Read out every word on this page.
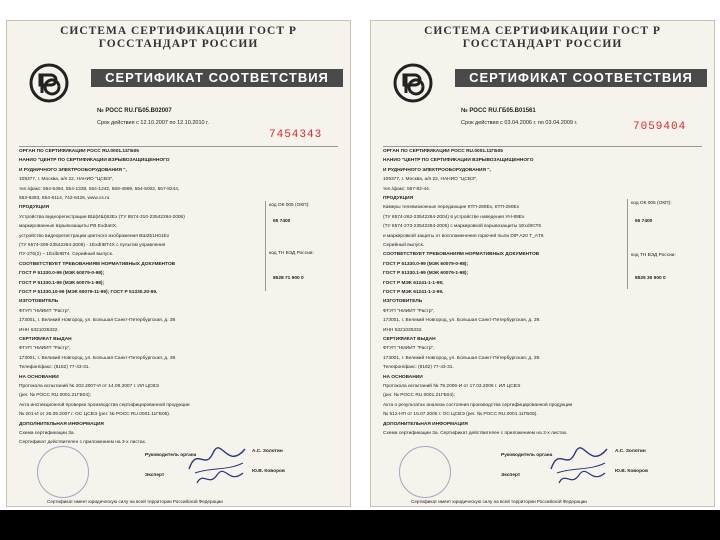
СИСТЕМА СЕРТИФИКАЦИИ ГОСТ Р
ГОССТАНДАРТ РОССИИ
СЕРТИФИКАТ СООТВЕТСТВИЯ
№ РОСС RU.ГБ05.В02007
Срок действия с 12.10.2007 по 12.10.2010 г.
7454343
ОРГАН ПО СЕРТИФИКАЦИИ РОСС RU.0001.11ГБ05
НАНИО "ЦЕНТР ПО СЕРТИФИКАЦИИ ВЗРЫВОЗАЩИЩЕННОГО
И РУДНИЧНОГО ЭЛЕКТРООБОРУДОВАНИЯ ",
109377, г. Москва, а/я 22, НАНИО "ЦСВЭ",
тел./факс: 554-5494, 554-1338, 554-1242, 559-4989, 554-5002, 557-8244,
553-8393, 554-6114, 742-6426, www.cs.ru
ПРОДУКЦИЯ
Устройства видеорегистрации ВШ(ИШ)52Ех (ТУ 6574-310-23542264-2006)
маркированные взрывозащиты РВ ExdIaIIX,
устройство видеорегистрации цветного изображения ВШ261Н01Ех
(ТУ 6574-309-23542264-2006) - 1ExdIIBТ4Х с пультом управления
ПУ-275(2) – 1ExibIIВТ4. Серийный выпуск.
СООТВЕТСТВУЕТ ТРЕБОВАНИЯМ НОРМАТИВНЫХ ДОКУМЕНТОВ
ГОСТ Р 51330.0-99 (МЭК 60079-0-98);
ГОСТ Р 51330.1-99 (МЭК 60079-1-98);
ГОСТ Р 51330.10-99 (МЭК 60079-11-99); ГОСТ Р 51330.20-99.
ИЗГОТОВИТЕЛЬ
ФГУП "НИИИТ "Растр",
173001, г. Великий Новгород, ул. Большая Санкт-Петербургская, д. 39.
ИНН 5321035332.
СЕРТИФИКАТ ВЫДАН
ФГУП "НИИИТ "Растр",
173001, г. Великий Новгород, ул. Большая Санкт-Петербургская, д. 39.
Телефон/факс: (8162) 77-43-31.
НА ОСНОВАНИИ
Протокола испытаний № 202.2007-И от 14.08.2007 г. ИЛ ЦСВЭ
(рег. № РОСС RU.0001.21ГБ04);
Акта инспекционной проверки производства сертифицированной продукции
№ 201-И от 26.09.2007 г. ОС ЦСВЭ (рег. № РОСС RU.0001.11ГБ05).
ДОПОЛНИТЕЛЬНАЯ ИНФОРМАЦИЯ
Схема сертификации 3а.
Сертификат действителен с приложением на 3-х листах.
код ОК 005 (ОКП):
65 7400
код ТН ВЭД России:
8528 71 900 0
Руководитель органа
А.С. Золотин
Эксперт
Ю.В. Коворов
Сертификат имеет юридическую силу на всей территории Российской Федерации
СИСТЕМА СЕРТИФИКАЦИИ ГОСТ Р
ГОССТАНДАРТ РОССИИ
СЕРТИФИКАТ СООТВЕТСТВИЯ
№ РОСС RU.ГБ05.В01561
Срок действия с 03.04.2006 г. по 03.04.2009 г.	7059404
ОРГАН ПО СЕРТИФИКАЦИИ РОСС RU.0001.11ГБ05
НАНИО "ЦЕНТР ПО СЕРТИФИКАЦИИ ВЗРЫВОЗАЩИЩЕННОГО
И РУДНИЧНОГО ЭЛЕКТРООБОРУДОВАНИЯ ",
109377, г. Москва, а/я 22, НАНИО "ЦСВЭ",
тел./факс: 557-82-44.
ПРОДУКЦИЯ
Камеры телевизионные передающие КТП-280Ех, КТП-290Ех
(ТУ 6574-262-23542264-2004) в устройстве наведения УН-89Ех
(ТУ 6574-273-23542264-2005) с маркировкой взрывозащиты 1ExdIIСТ6
и маркировкой защиты от воспламенения горючей пыли DIP A20 T_AТ6
Серийный выпуск.
СООТВЕТСТВУЕТ ТРЕБОВАНИЯМ НОРМАТИВНЫХ ДОКУМЕНТОВ
ГОСТ Р 51330.0-99 (МЭК 60079-0-98);
ГОСТ Р 51330.1-99 (МЭК 60079-1-98);
ГОСТ Р МЭК 61241-1-1-99;
ГОСТ Р МЭК 61241-1-2-99.
ИЗГОТОВИТЕЛЬ
ФГУП "НИИИТ "Растр",
173001, г. Великий Новгород, ул. Большая Санкт-Петербургская, д. 39.
ИНН 5321035332.
СЕРТИФИКАТ ВЫДАН
ФГУП "НИИИТ "Растр",
173001, г. Великий Новгород, ул. Большая Санкт-Петербургская, д. 39.
Телефон/факс: (8162) 77-43-31.
НА ОСНОВАНИИ
Протокола испытаний № 78.2006-И от 17.03.2006 г. ИЛ ЦСВЭ
(рег. № РОСС RU.0001.21ГБ04);
Акта о результатах анализа состояния производства сертифицированной продукции
№ 512-НП от 15.07.2005 г. ОС ЦСВЭ (рег. № РОСС RU.0001.11ГБ05).
ДОПОЛНИТЕЛЬНАЯ ИНФОРМАЦИЯ
Схема сертификации 3а. Сертификат действителен с приложением на 2-х листах.
код ОК 005 (ОКП):
65 7400
код ТН ВЭД России:
8525 30 900 0
Руководитель органа
А.С. Золотин
Эксперт
Ю.В. Коворов
Сертификат имеет юридическую силу на всей территории Российской Федерации
